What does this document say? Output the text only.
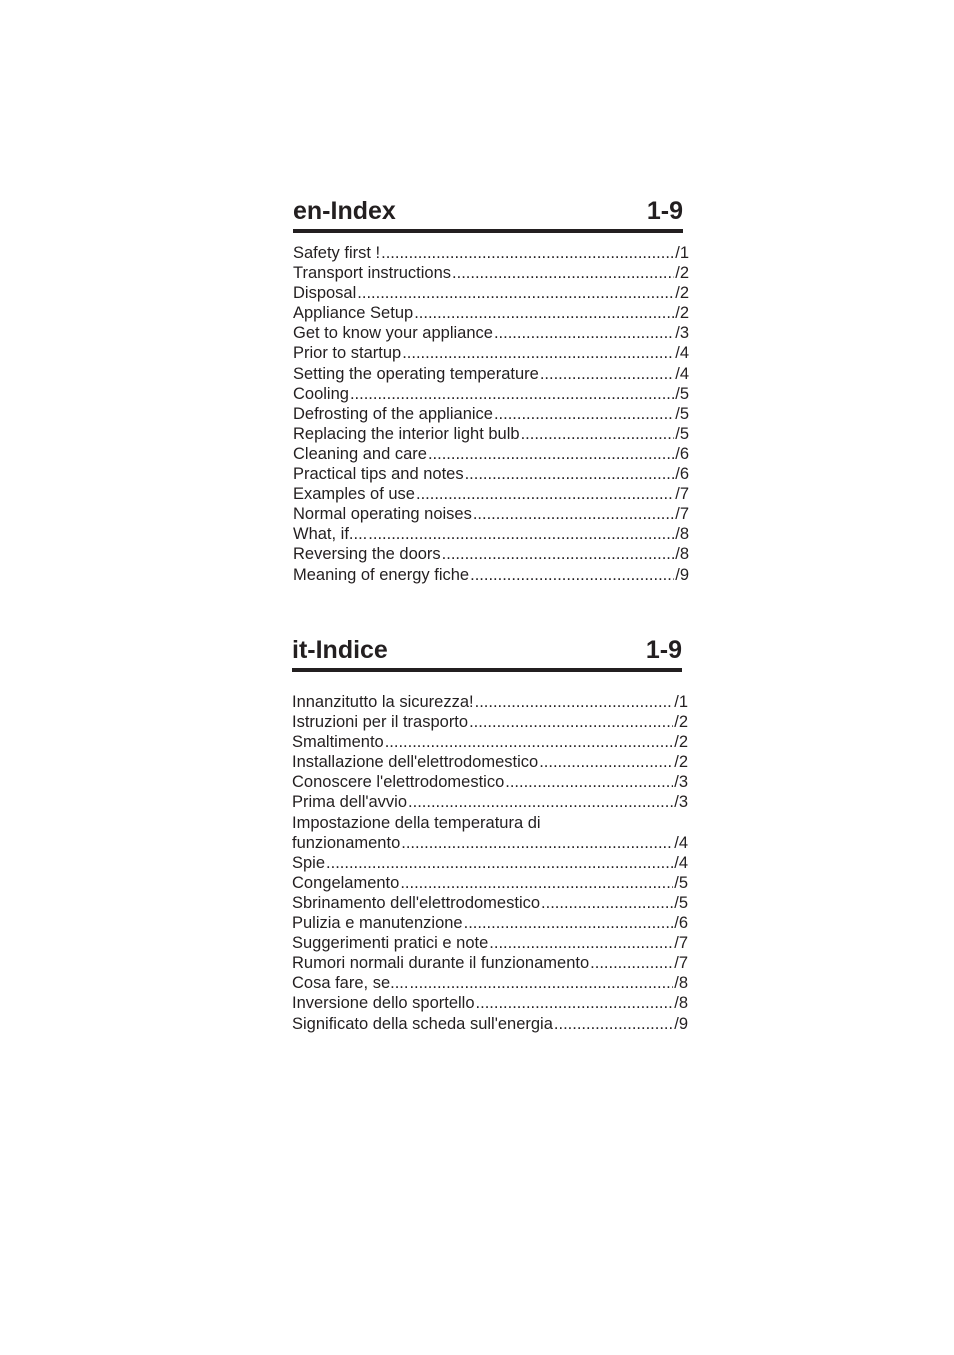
en-Index	1-9
Safety first ! .....	/1
Transport instructions .....	/2
Disposal .....	/2
Appliance Setup .....	/2
Get to know your appliance .....	/3
Prior to startup .....	/4
Setting the operating temperature .....	/4
Cooling .....	/5
Defrosting of the applianice .....	/5
Replacing the interior light bulb .....	/5
Cleaning and care .....	/6
Practical tips and notes .....	/6
Examples of use .....	/7
Normal operating noises .....	/7
What, if.... .....	/8
Reversing the doors .....	/8
Meaning of energy fiche .....	/9
it-Indice	1-9
Innanzitutto la sicurezza! .....	/1
Istruzioni per il trasporto .....	/2
Smaltimento .....	/2
Installazione dell'elettrodomestico .....	/2
Conoscere l'elettrodomestico .....	/3
Prima dell'avvio .....	/3
Impostazione della temperatura di
funzionamento .....	/4
Spie .....	/4
Congelamento .....	/5
Sbrinamento dell'elettrodomestico .....	/5
Pulizia e manutenzione .....	/6
Suggerimenti pratici e note .....	/7
Rumori normali durante il funzionamento .....	/7
Cosa fare, se.... .....	/8
Inversione dello sportello .....	/8
Significato della scheda sull'energia .....	/9
